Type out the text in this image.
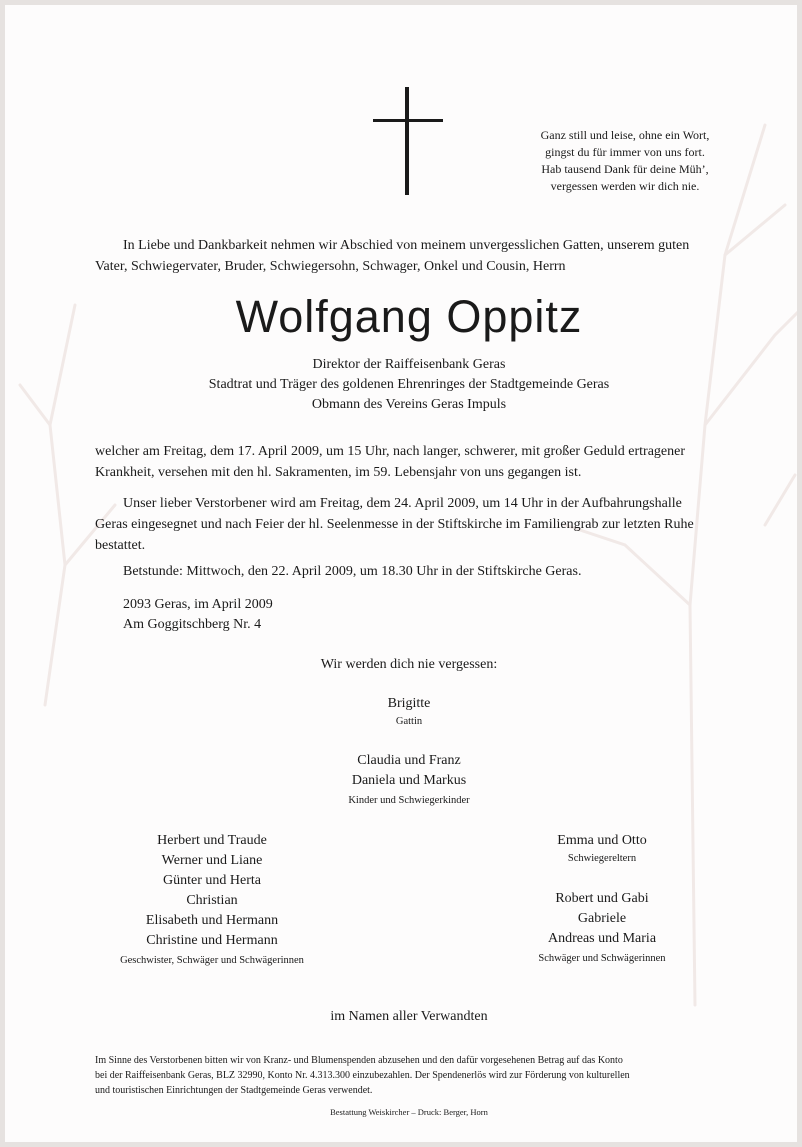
Ganz still und leise, ohne ein Wort,
gingst du für immer von uns fort.
Hab tausend Dank für deine Müh’,
vergessen werden wir dich nie.
In Liebe und Dankbarkeit nehmen wir Abschied von meinem unvergesslichen Gatten, unserem guten
Vater, Schwiegervater, Bruder, Schwiegersohn, Schwager, Onkel und Cousin, Herrn
Wolfgang Oppitz
Direktor der Raiffeisenbank Geras
Stadtrat und Träger des goldenen Ehrenringes der Stadtgemeinde Geras
Obmann des Vereins Geras Impuls
welcher am Freitag, dem 17. April 2009, um 15 Uhr, nach langer, schwerer, mit großer Geduld ertragener
Krankheit, versehen mit den hl. Sakramenten, im 59. Lebensjahr von uns gegangen ist.
Unser lieber Verstorbener wird am Freitag, dem 24. April 2009, um 14 Uhr in der Aufbahrungshalle
Geras eingesegnet und nach Feier der hl. Seelenmesse in der Stiftskirche im Familiengrab zur letzten Ruhe
bestattet.
Betstunde: Mittwoch, den 22. April 2009, um 18.30 Uhr in der Stiftskirche Geras.
2093 Geras, im April 2009
Am Goggitschberg Nr. 4
Wir werden dich nie vergessen:
Brigitte
Gattin
Claudia und Franz
Daniela und Markus
Kinder und Schwiegerkinder
Herbert und Traude
Werner und Liane
Günter und Herta
Christian
Elisabeth und Hermann
Christine und Hermann
Geschwister, Schwäger und Schwägerinnen
Emma und Otto
Schwiegereltern
Robert und Gabi
Gabriele
Andreas und Maria
Schwäger und Schwägerinnen
im Namen aller Verwandten
Im Sinne des Verstorbenen bitten wir von Kranz- und Blumenspenden abzusehen und den dafür vorgesehenen Betrag auf das Konto
bei der Raiffeisenbank Geras, BLZ 32990, Konto Nr. 4.313.300 einzubezahlen. Der Spendenerlös wird zur Förderung von kulturellen
und touristischen Einrichtungen der Stadtgemeinde Geras verwendet.
Bestattung Weiskircher – Druck: Berger, Horn
